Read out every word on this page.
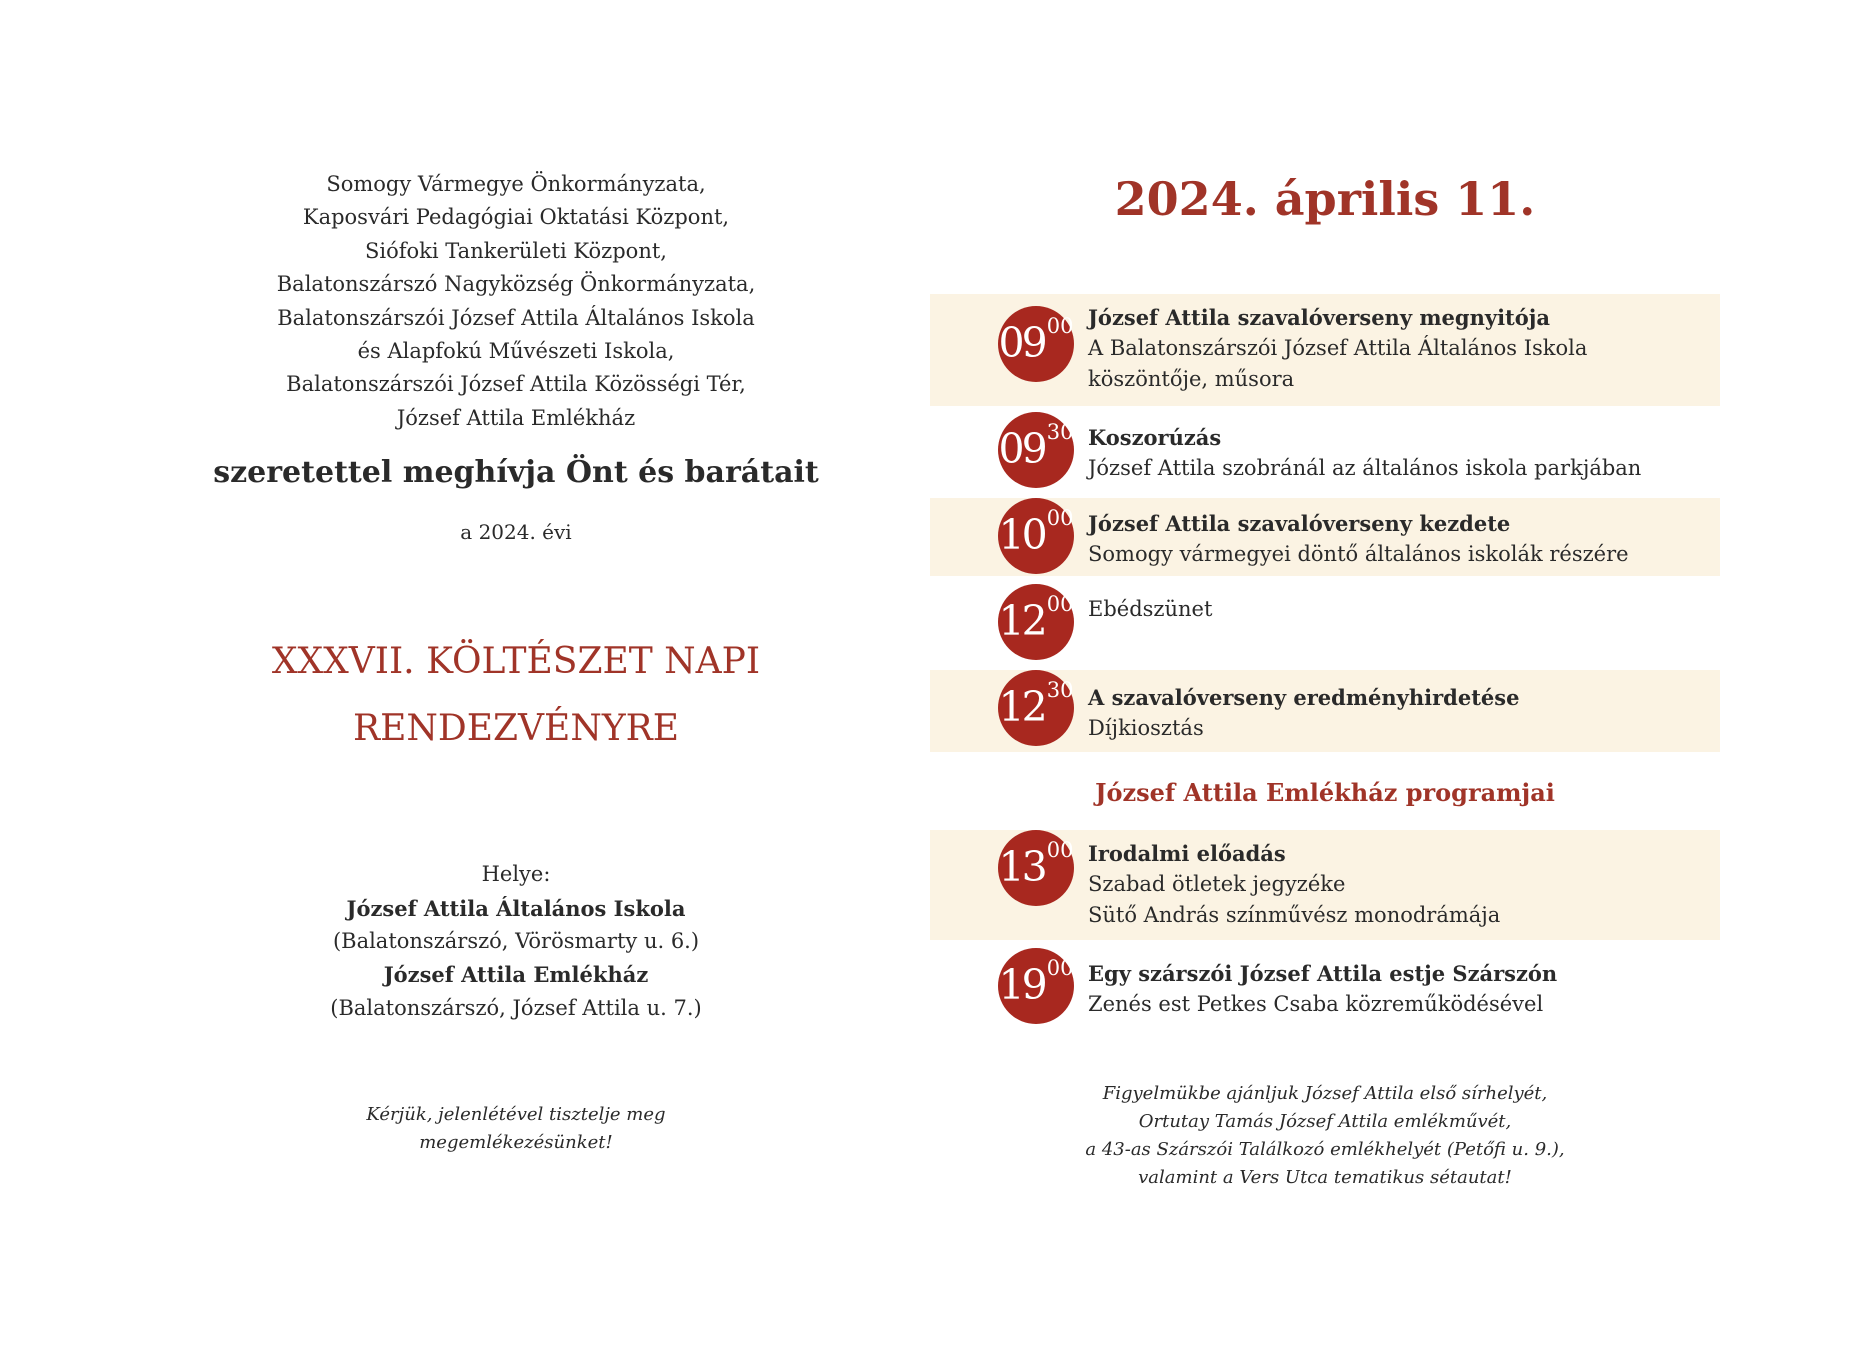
Somogy Vármegye Önkormányzata,
Kaposvári Pedagógiai Oktatási Központ,
Siófoki Tankerületi Központ,
Balatonszárszó Nagyközség Önkormányzata,
Balatonszárszói József Attila Általános Iskola
és Alapfokú Művészeti Iskola,
Balatonszárszói József Attila Közösségi Tér,
József Attila Emlékház
szeretettel meghívja Önt és barátait
a 2024. évi
XXXVII. KÖLTÉSZET NAPI
RENDEZVÉNYRE
Helye:
József Attila Általános Iskola
(Balatonszárszó, Vörösmarty u. 6.)
József Attila Emlékház
(Balatonszárszó, József Attila u. 7.)
Kérjük, jelenlétével tisztelje meg
megemlékezésünket!
2024. április 11.
09 00 József Attila szavalóverseny megnyitója
A Balatonszárszói József Attila Általános Iskola
köszöntője, műsora
09 30 Koszorúzás
József Attila szobránál az általános iskola parkjában
10 00 József Attila szavalóverseny kezdete
Somogy vármegyei döntő általános iskolák részére
12 00 Ebédszünet
12 30 A szavalóverseny eredményhirdetése
Díjkiosztás
József Attila Emlékház programjai
13 00 Irodalmi előadás
Szabad ötletek jegyzéke
Sütő András színművész monodrámája
19 00 Egy szárszói József Attila estje Szárszón
Zenés est Petkes Csaba közreműködésével
Figyelmükbe ajánljuk József Attila első sírhelyét,
Ortutay Tamás József Attila emlékművét,
a 43-as Szárszói Találkozó emlékhelyét (Petőfi u. 9.),
valamint a Vers Utca tematikus sétautat!
